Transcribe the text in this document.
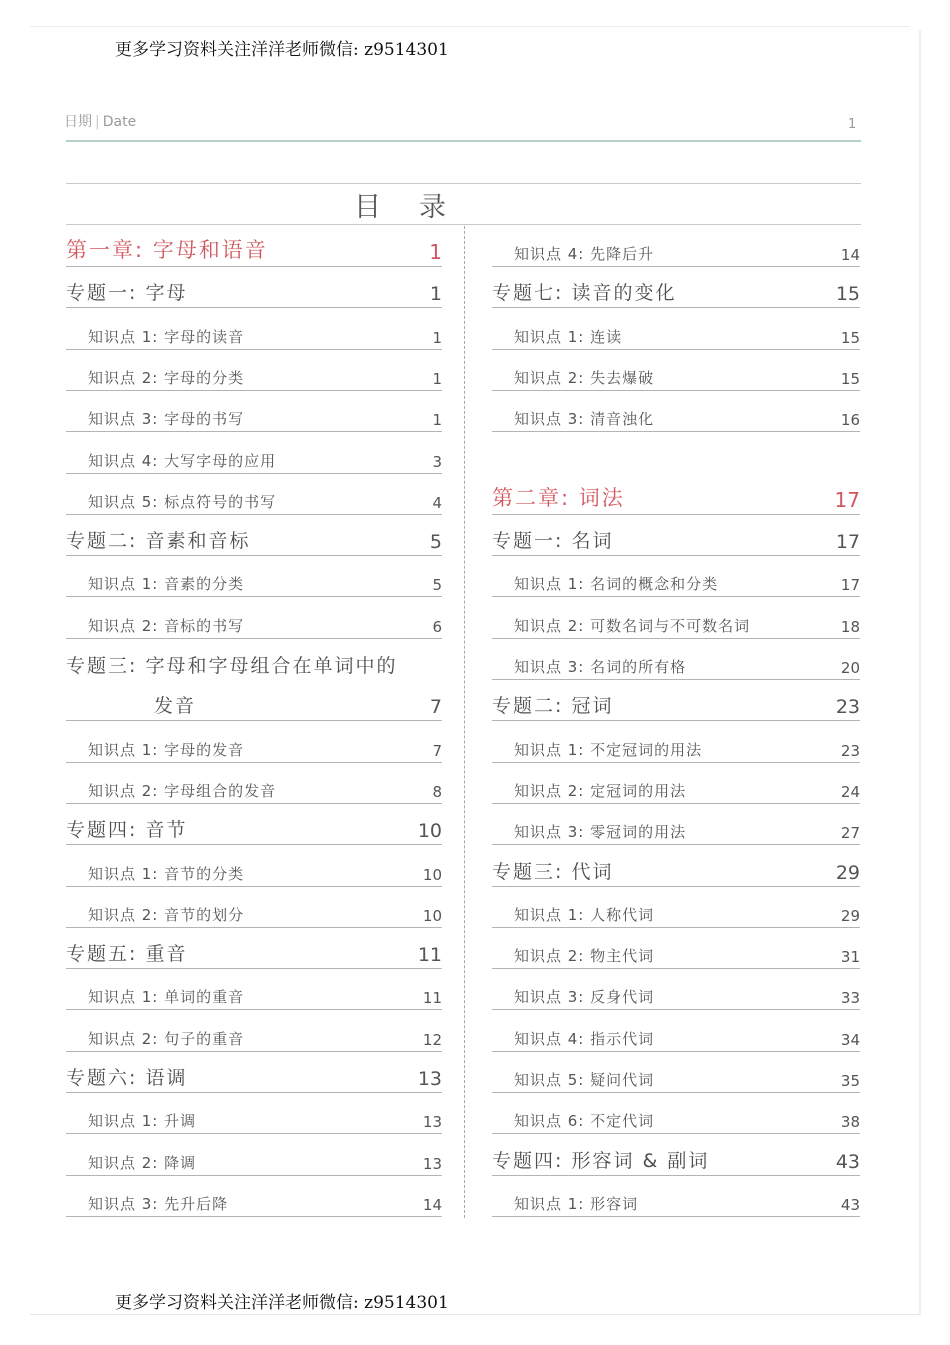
更多学习资料关注洋洋老师微信: z9514301
日期 | Date	1
目录
第一章: 字母和语音	1
专题一: 字母	1
知识点 1: 字母的读音	1
知识点 2: 字母的分类	1
知识点 3: 字母的书写	1
知识点 4: 大写字母的应用	3
知识点 5: 标点符号的书写	4
专题二: 音素和音标	5
知识点 1: 音素的分类	5
知识点 2: 音标的书写	6
专题三: 字母和字母组合在单词中的
发音	7
知识点 1: 字母的发音	7
知识点 2: 字母组合的发音	8
专题四: 音节	10
知识点 1: 音节的分类	10
知识点 2: 音节的划分	10
专题五: 重音	11
知识点 1: 单词的重音	11
知识点 2: 句子的重音	12
专题六: 语调	13
知识点 1: 升调	13
知识点 2: 降调	13
知识点 3: 先升后降	14
知识点 4: 先降后升	14
专题七: 读音的变化	15
知识点 1: 连读	15
知识点 2: 失去爆破	15
知识点 3: 清音浊化	16
第二章: 词法	17
专题一: 名词	17
知识点 1: 名词的概念和分类	17
知识点 2: 可数名词与不可数名词	18
知识点 3: 名词的所有格	20
专题二: 冠词	23
知识点 1: 不定冠词的用法	23
知识点 2: 定冠词的用法	24
知识点 3: 零冠词的用法	27
专题三: 代词	29
知识点 1: 人称代词	29
知识点 2: 物主代词	31
知识点 3: 反身代词	33
知识点 4: 指示代词	34
知识点 5: 疑问代词	35
知识点 6: 不定代词	38
专题四: 形容词 & 副词	43
知识点 1: 形容词	43
更多学习资料关注洋洋老师微信: z9514301
